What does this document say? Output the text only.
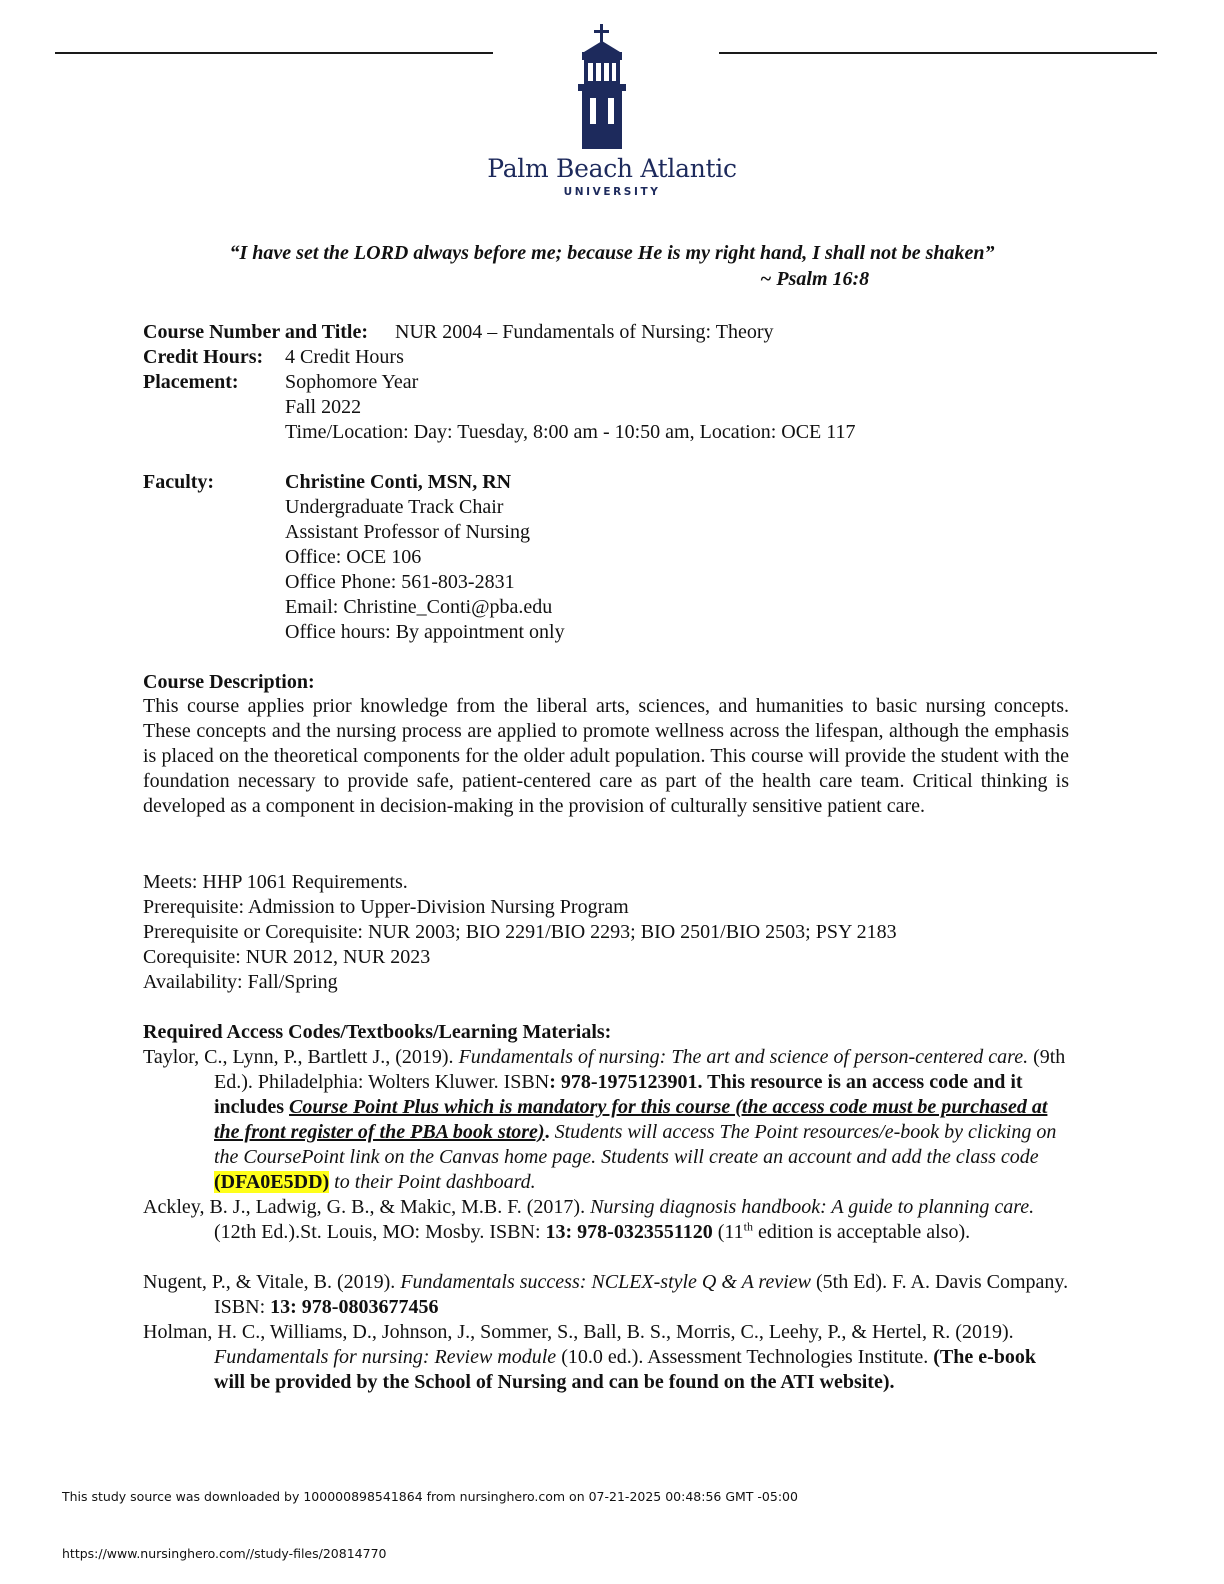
Palm Beach Atlantic
UNIVERSITY
“I have set the LORD always before me; because He is my right hand, I shall not be shaken”
~ Psalm 16:8
Course Number and Title: NUR 2004 – Fundamentals of Nursing: Theory
Credit Hours: 4 Credit Hours
Placement: Sophomore Year
Fall 2022
Time/Location: Day: Tuesday, 8:00 am - 10:50 am, Location: OCE 117
Faculty:	Christine Conti, MSN, RN
Undergraduate Track Chair
Assistant Professor of Nursing
Office: OCE 106
Office Phone: 561-803-2831
Email: Christine_Conti@pba.edu
Office hours: By appointment only
Course Description:
This course applies prior knowledge from the liberal arts, sciences, and humanities to basic nursing concepts. These concepts and the nursing process are applied to promote wellness across the lifespan, although the emphasis is placed on the theoretical components for the older adult population. This course will provide the student with the foundation necessary to provide safe, patient-centered care as part of the health care team. Critical thinking is developed as a component in decision-making in the provision of culturally sensitive patient care.
Meets: HHP 1061 Requirements.
Prerequisite: Admission to Upper-Division Nursing Program
Prerequisite or Corequisite: NUR 2003; BIO 2291/BIO 2293; BIO 2501/BIO 2503; PSY 2183
Corequisite: NUR 2012, NUR 2023
Availability: Fall/Spring
Required Access Codes/Textbooks/Learning Materials:
Taylor, C., Lynn, P., Bartlett J., (2019). Fundamentals of nursing: The art and science of person-centered care. (9th Ed.). Philadelphia: Wolters Kluwer. ISBN: 978-1975123901. This resource is an access code and it includes Course Point Plus which is mandatory for this course (the access code must be purchased at the front register of the PBA book store). Students will access The Point resources/e-book by clicking on the CoursePoint link on the Canvas home page. Students will create an account and add the class code (DFA0E5DD) to their Point dashboard.
Ackley, B. J., Ladwig, G. B., & Makic, M.B. F. (2017). Nursing diagnosis handbook: A guide to planning care. (12th Ed.).St. Louis, MO: Mosby. ISBN: 13: 978-0323551120 (11th edition is acceptable also).
Nugent, P., & Vitale, B. (2019). Fundamentals success: NCLEX-style Q & A review (5th Ed). F. A. Davis Company. ISBN: 13: 978-0803677456
Holman, H. C., Williams, D., Johnson, J., Sommer, S., Ball, B. S., Morris, C., Leehy, P., & Hertel, R. (2019). Fundamentals for nursing: Review module (10.0 ed.). Assessment Technologies Institute. (The e-book will be provided by the School of Nursing and can be found on the ATI website).
This study source was downloaded by 100000898541864 from nursinghero.com on 07-21-2025 00:48:56 GMT -05:00
https://www.nursinghero.com//study-files/20814770
